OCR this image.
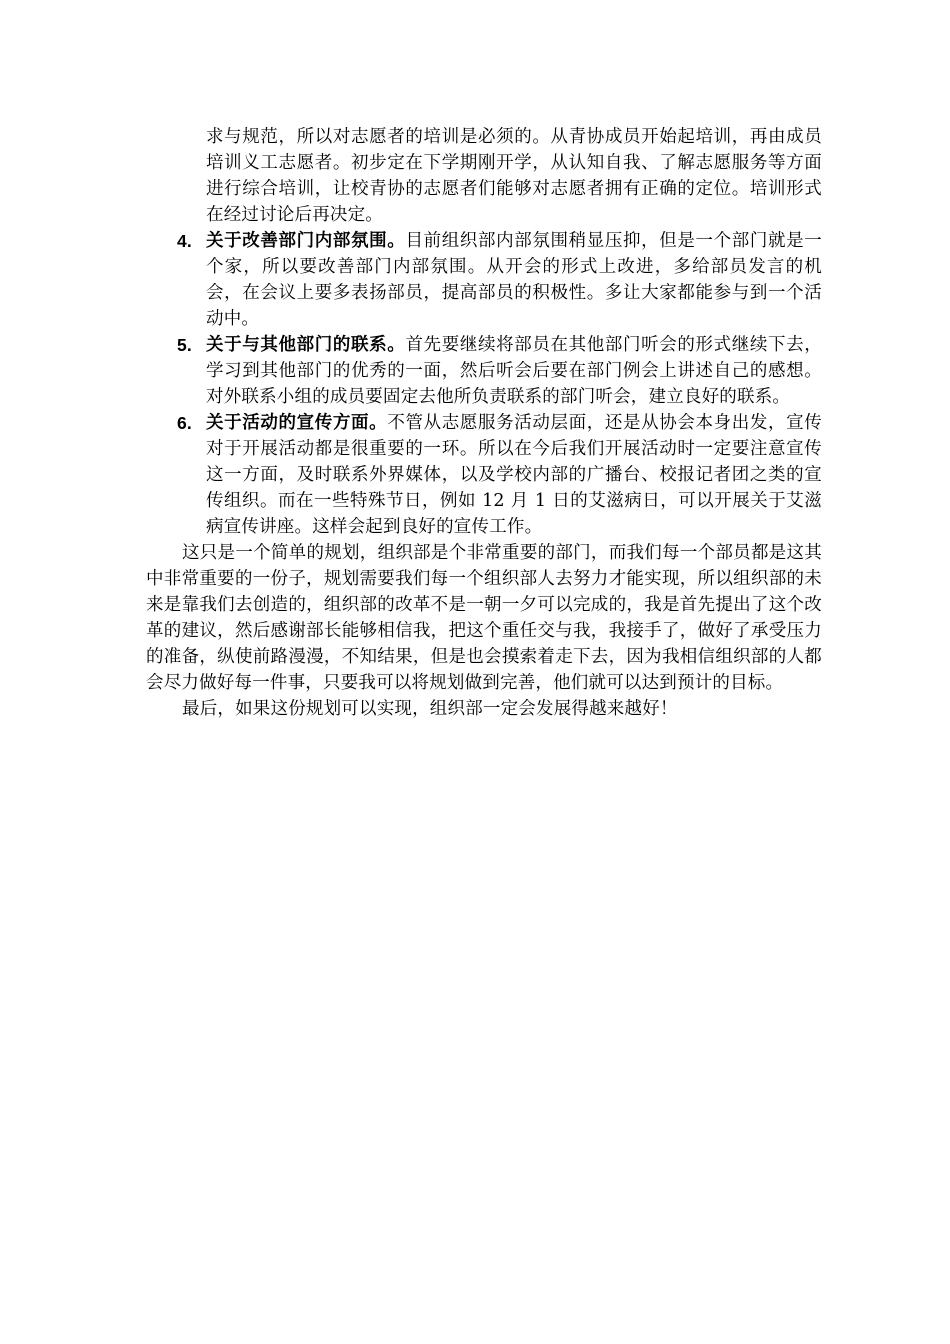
求与规范，所以对志愿者的培训是必须的。从青协成员开始起培训，再由成员培训义工志愿者。初步定在下学期刚开学，从认知自我、了解志愿服务等方面进行综合培训，让校青协的志愿者们能够对志愿者拥有正确的定位。培训形式在经过讨论后再决定。

4. 关于改善部门内部氛围。目前组织部内部氛围稍显压抑，但是一个部门就是一个家，所以要改善部门内部氛围。从开会的形式上改进，多给部员发言的机会，在会议上要多表扬部员，提高部员的积极性。多让大家都能参与到一个活动中。
5. 关于与其他部门的联系。首先要继续将部员在其他部门听会的形式继续下去，学习到其他部门的优秀的一面，然后听会后要在部门例会上讲述自己的感想。对外联系小组的成员要固定去他所负责联系的部门听会，建立良好的联系。
6. 关于活动的宣传方面。不管从志愿服务活动层面，还是从协会本身出发，宣传对于开展活动都是很重要的一环。所以在今后我们开展活动时一定要注意宣传这一方面，及时联系外界媒体，以及学校内部的广播台、校报记者团之类的宣传组织。而在一些特殊节日，例如 12 月 1 日的艾滋病日，可以开展关于艾滋病宣传讲座。这样会起到良好的宣传工作。

这只是一个简单的规划，组织部是个非常重要的部门，而我们每一个部员都是这其中非常重要的一份子，规划需要我们每一个组织部人去努力才能实现，所以组织部的未来是靠我们去创造的，组织部的改革不是一朝一夕可以完成的，我是首先提出了这个改革的建议，然后感谢部长能够相信我，把这个重任交与我，我接手了，做好了承受压力的准备，纵使前路漫漫，不知结果，但是也会摸索着走下去，因为我相信组织部的人都会尽力做好每一件事，只要我可以将规划做到完善，他们就可以达到预计的目标。

最后，如果这份规划可以实现，组织部一定会发展得越来越好！
